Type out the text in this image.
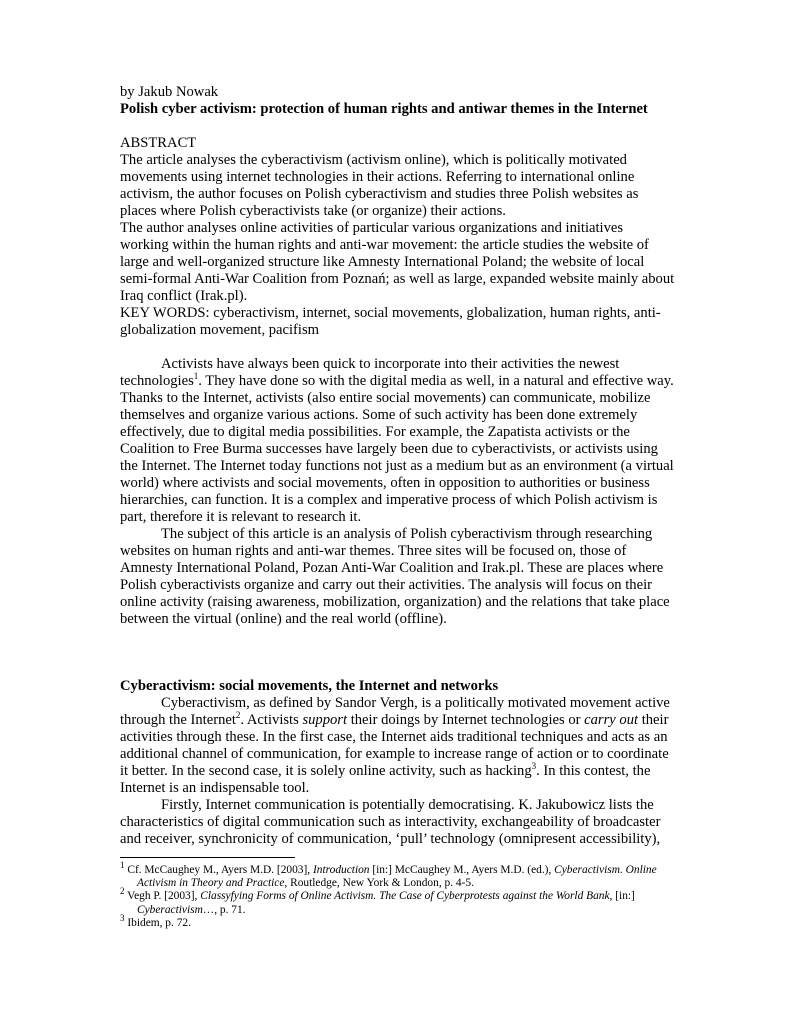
by Jakub Nowak

Polish cyber activism: protection of human rights and antiwar themes in the Internet

ABSTRACT

The article analyses the cyberactivism (activism online), which is politically motivated movements using internet technologies in their actions. Referring to international online activism, the author focuses on Polish cyberactivism and studies three Polish websites as places where Polish cyberactivists take (or organize) their actions.

The author analyses online activities of particular various organizations and initiatives working within the human rights and anti-war movement: the article studies the website of large and well-organized structure like Amnesty International Poland; the website of local semi-formal Anti-War Coalition from Poznań; as well as large, expanded website mainly about Iraq conflict (Irak.pl).

KEY WORDS: cyberactivism, internet, social movements, globalization, human rights, anti-globalization movement, pacifism

Activists have always been quick to incorporate into their activities the newest technologies$^1$. They have done so with the digital media as well, in a natural and effective way. Thanks to the Internet, activists (also entire social movements) can communicate, mobilize themselves and organize various actions. Some of such activity has been done extremely effectively, due to digital media possibilities. For example, the Zapatista activists or the Coalition to Free Burma successes have largely been due to cyberactivists, or activists using the Internet. The Internet today functions not just as a medium but as an environment (a virtual world) where activists and social movements, often in opposition to authorities or business hierarchies, can function. It is a complex and imperative process of which Polish activism is part, therefore it is relevant to research it.

The subject of this article is an analysis of Polish cyberactivism through researching websites on human rights and anti-war themes. Three sites will be focused on, those of Amnesty International Poland, Pozan Anti-War Coalition and Irak.pl. These are places where Polish cyberactivists organize and carry out their activities. The analysis will focus on their online activity (raising awareness, mobilization, organization) and the relations that take place between the virtual (online) and the real world (offline).

Cyberactivism: social movements, the Internet and networks

Cyberactivism, as defined by Sandor Vergh, is a politically motivated movement active through the Internet$^2$. Activists support their doings by Internet technologies or carry out their activities through these. In the first case, the Internet aids traditional techniques and acts as an additional channel of communication, for example to increase range of action or to coordinate it better. In the second case, it is solely online activity, such as hacking$^3$. In this contest, the Internet is an indispensable tool.

Firstly, Internet communication is potentially democratising. K. Jakubowicz lists the characteristics of digital communication such as interactivity, exchangeability of broadcaster and receiver, synchronicity of communication, ‘pull’ technology (omnipresent accessibility),

$^1$ Cf. McCaughey M., Ayers M.D. [2003], Introduction [in:] McCaughey M., Ayers M.D. (ed.), Cyberactivism. Online Activism in Theory and Practice, Routledge, New York & London, p. 4-5.

$^2$ Vegh P. [2003], Classyfying Forms of Online Activism. The Case of Cyberprotests against the World Bank, [in:] Cyberactivism…, p. 71.

$^3$ Ibidem, p. 72.
